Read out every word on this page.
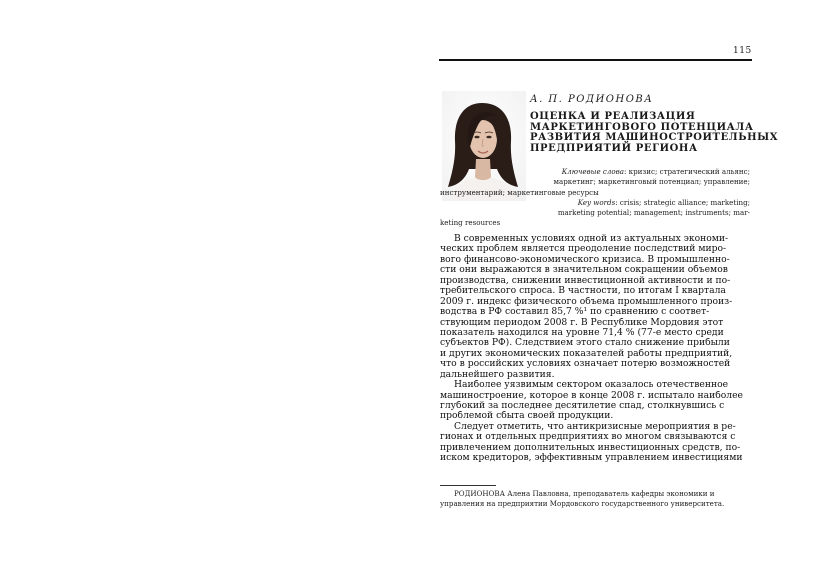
115
А. П. РОДИОНОВА
ОЦЕНКА И РЕАЛИЗАЦИЯ
МАРКЕТИНГОВОГО ПОТЕНЦИАЛА
РАЗВИТИЯ МАШИНОСТРОИТЕЛЬНЫХ
ПРЕДПРИЯТИЙ РЕГИОНА
Ключевые слова: кризис; стратегический альянс;
маркетинг; маркетинговый потенциал; управление;
инструментарий; маркетинговые ресурсы
Key words: crisis; strategic alliance; marketing;
marketing potential; management; instruments; mar-
keting resources
В современных условиях одной из актуальных экономи-
ческих проблем является преодоление последствий миро-
вого финансово-экономического кризиса. В промышленно-
сти они выражаются в значительном сокращении объемов
производства, снижении инвестиционной активности и по-
требительского спроса. В частности, по итогам I квартала
2009 г. индекс физического объема промышленного произ-
водства в РФ составил 85,7 %¹ по сравнению с соответ-
ствующим периодом 2008 г. В Республике Мордовия этот
показатель находился на уровне 71,4 % (77-е место среди
субъектов РФ). Следствием этого стало снижение прибыли
и других экономических показателей работы предприятий,
что в российских условиях означает потерю возможностей
дальнейшего развития.
Наиболее уязвимым сектором оказалось отечественное
машиностроение, которое в конце 2008 г. испытало наиболее
глубокий за последнее десятилетие спад, столкнувшись с
проблемой сбыта своей продукции.
Следует отметить, что антикризисные мероприятия в ре-
гионах и отдельных предприятиях во многом связываются с
привлечением дополнительных инвестиционных средств, по-
иском кредиторов, эффективным управлением инвестициями
РОДИОНОВА Алена Павловна, преподаватель кафедры экономики и
управления на предприятии Мордовского государственного университета.
